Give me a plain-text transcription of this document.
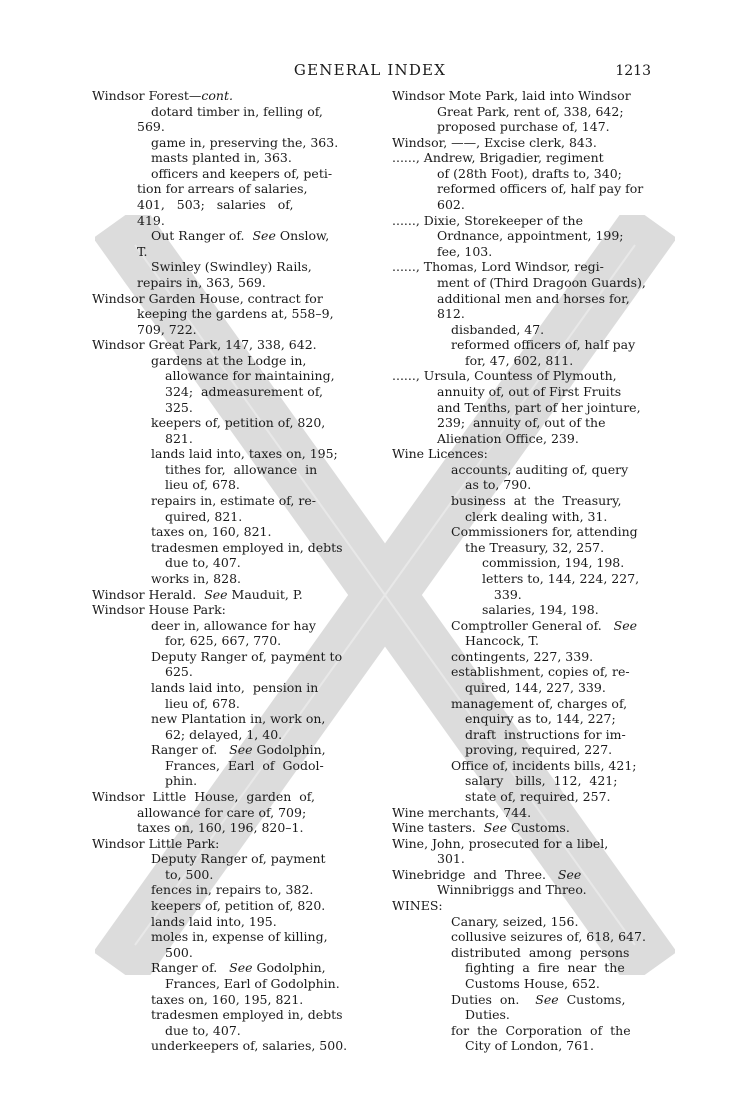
GENERAL INDEX	1213
Windsor Forest—cont.
dotard timber in, felling of,
569.
game in, preserving the, 363.
masts planted in, 363.
officers and keepers of, peti-
tion for arrears of salaries,
401,   503;   salaries   of,
419.
Out Ranger of.  See Onslow,
T.
Swinley (Swindley) Rails,
repairs in, 363, 569.
Windsor Garden House, contract for
keeping the gardens at, 558–9,
709, 722.
Windsor Great Park, 147, 338, 642.
gardens at the Lodge in,
allowance for maintaining,
324;  admeasurement of,
325.
keepers of, petition of, 820,
821.
lands laid into, taxes on, 195;
tithes for,  allowance  in
lieu of, 678.
repairs in, estimate of, re-
quired, 821.
taxes on, 160, 821.
tradesmen employed in, debts
due to, 407.
works in, 828.
Windsor Herald.  See Mauduit, P.
Windsor House Park:
deer in, allowance for hay
for, 625, 667, 770.
Deputy Ranger of, payment to
625.
lands laid into,  pension in
lieu of, 678.
new Plantation in, work on,
62; delayed, 1, 40.
Ranger of.   See Godolphin,
Frances,  Earl  of  Godol-
phin.
Windsor  Little  House,  garden  of,
allowance for care of, 709;
taxes on, 160, 196, 820–1.
Windsor Little Park:
Deputy Ranger of, payment
to, 500.
fences in, repairs to, 382.
keepers of, petition of, 820.
lands laid into, 195.
moles in, expense of killing,
500.
Ranger of.   See Godolphin,
Frances, Earl of Godolphin.
taxes on, 160, 195, 821.
tradesmen employed in, debts
due to, 407.
underkeepers of, salaries, 500.
Windsor Mote Park, laid into Windsor
Great Park, rent of, 338, 642;
proposed purchase of, 147.
Windsor, ——, Excise clerk, 843.
......, Andrew, Brigadier, regiment
of (28th Foot), drafts to, 340;
reformed officers of, half pay for
602.
......, Dixie, Storekeeper of the
Ordnance, appointment, 199;
fee, 103.
......, Thomas, Lord Windsor, regi-
ment of (Third Dragoon Guards),
additional men and horses for,
812.
disbanded, 47.
reformed officers of, half pay
for, 47, 602, 811.
......, Ursula, Countess of Plymouth,
annuity of, out of First Fruits
and Tenths, part of her jointure,
239;  annuity of, out of the
Alienation Office, 239.
Wine Licences:
accounts, auditing of, query
as to, 790.
business  at  the  Treasury,
clerk dealing with, 31.
Commissioners for, attending
the Treasury, 32, 257.
commission, 194, 198.
letters to, 144, 224, 227,
339.
salaries, 194, 198.
Comptroller General of.   See
Hancock, T.
contingents, 227, 339.
establishment, copies of, re-
quired, 144, 227, 339.
management of, charges of,
enquiry as to, 144, 227;
draft  instructions for im-
proving, required, 227.
Office of, incidents bills, 421;
salary   bills,  112,  421;
state of, required, 257.
Wine merchants, 744.
Wine tasters.  See Customs.
Wine, John, prosecuted for a libel,
301.
Winebridge  and  Three.   See
Winnibriggs and Threo.
WINES:
Canary, seized, 156.
collusive seizures of, 618, 647.
distributed  among  persons
fighting  a  fire  near  the
Customs House, 652.
Duties  on.    See  Customs,
Duties.
for  the  Corporation  of  the
City of London, 761.
